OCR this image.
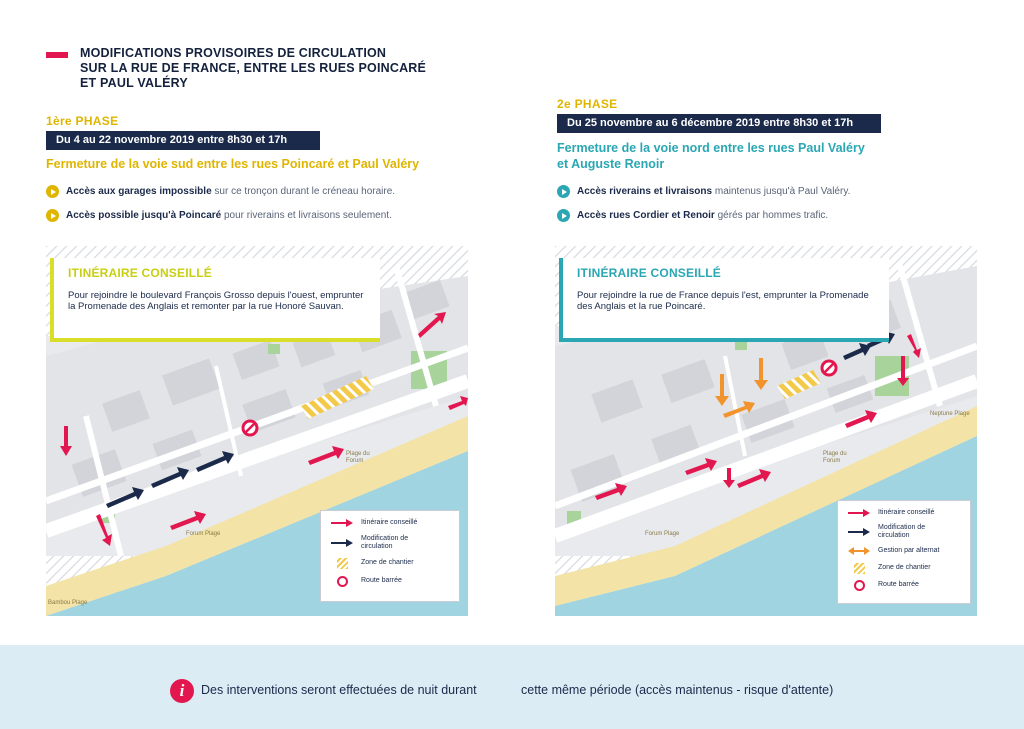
MODIFICATIONS PROVISOIRES DE CIRCULATION
SUR LA RUE DE FRANCE, ENTRE LES RUES POINCARÉ
ET PAUL VALÉRY
1ère PHASE
Du 4 au 22 novembre 2019 entre 8h30 et 17h
Fermeture de la voie sud entre les rues Poincaré et Paul Valéry
Accès aux garages impossible
sur ce tronçon durant le créneau horaire.
Accès possible jusqu'à Poincaré
pour riverains et livraisons seulement.
ITINÉRAIRE CONSEILLÉ
Pour rejoindre le boulevard François Grosso depuis l'ouest, emprunter la Promenade des Anglais et remonter par la rue Honoré Sauvan.
Plage du Forum
Forum Plage
Bambou Plage
Itinéraire conseillé
Modification de circulation
Zone de chantier
Route barrée
2e PHASE
Du 25 novembre au 6 décembre 2019 entre 8h30 et 17h
Fermeture de la voie nord entre les rues Paul Valéry
et Auguste Renoir
Accès riverains et livraisons
maintenus jusqu'à Paul Valéry.
Accès rues Cordier et Renoir
gérés par hommes trafic.
ITINÉRAIRE CONSEILLÉ
Pour rejoindre la rue de France depuis l'est, emprunter la Promenade des Anglais et la rue Poincaré.
Neptune Plage
Plage du Forum
Forum Plage
Itinéraire conseillé
Modification de circulation
Gestion par alternat
Zone de chantier
Route barrée
i	Des interventions seront effectuées de nuit durant	cette même période (accès maintenus - risque d'attente)
